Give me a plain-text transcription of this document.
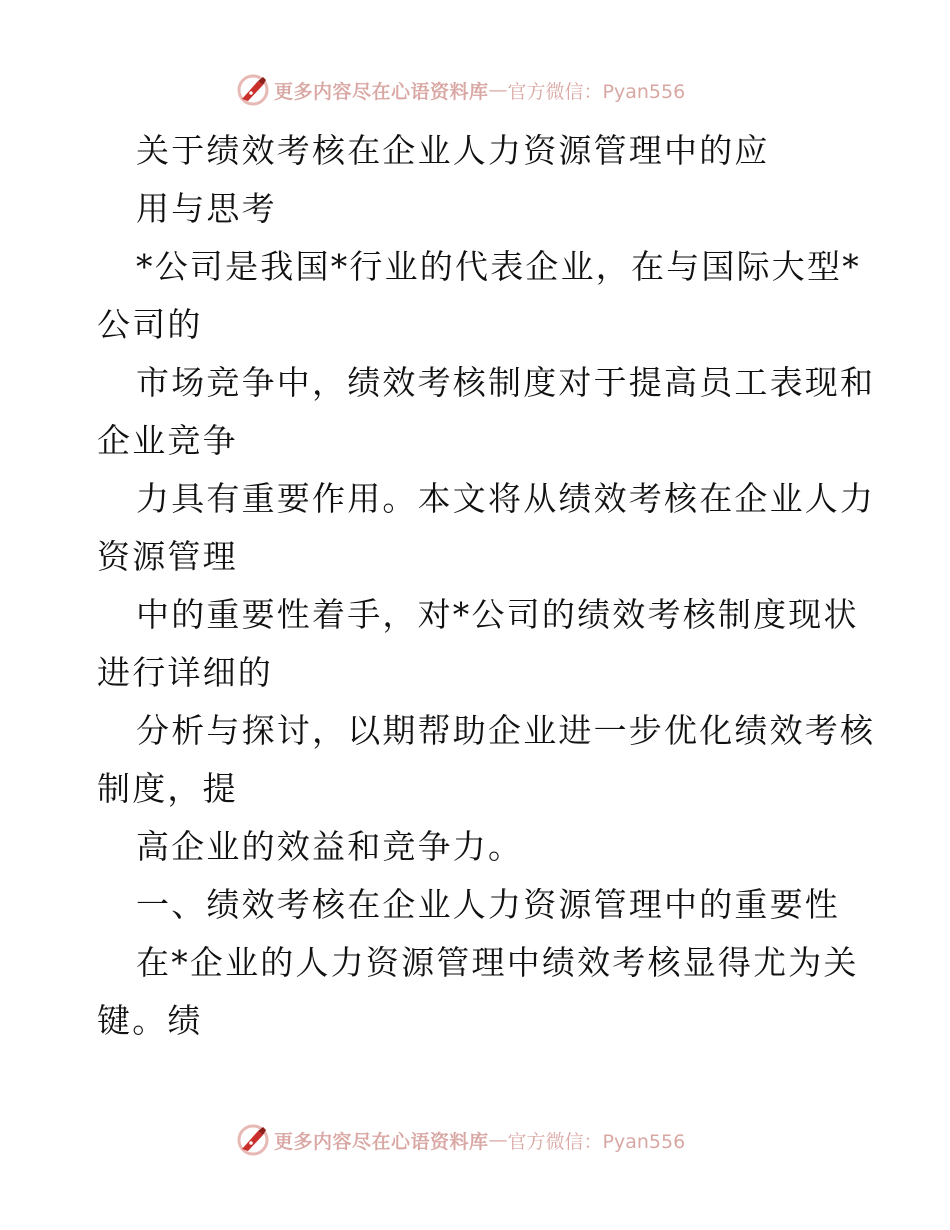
更多内容尽在心语资料库 — 官方微信：Pyan556
关于绩效考核在企业人力资源管理中的应
用与思考
*公司是我国*行业的代表企业，在与国际大型*
公司的
市场竞争中，绩效考核制度对于提高员工表现和
企业竞争
力具有重要作用。本文将从绩效考核在企业人力
资源管理
中的重要性着手，对*公司的绩效考核制度现状
进行详细的
分析与探讨，以期帮助企业进一步优化绩效考核
制度，提
高企业的效益和竞争力。
一、绩效考核在企业人力资源管理中的重要性
在*企业的人力资源管理中绩效考核显得尤为关
键。绩
更多内容尽在心语资料库 — 官方微信：Pyan556
